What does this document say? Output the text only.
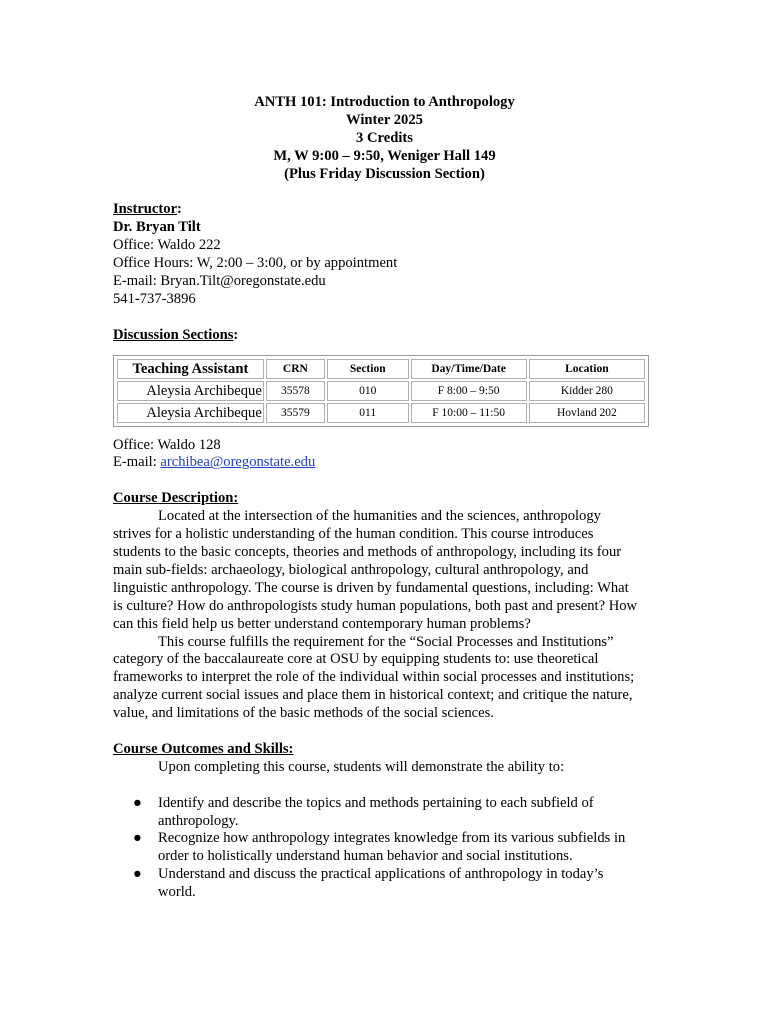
ANTH 101: Introduction to Anthropology
Winter 2025
3 Credits
M, W 9:00 – 9:50, Weniger Hall 149
(Plus Friday Discussion Section)
Instructor:
Dr. Bryan Tilt
Office: Waldo 222
Office Hours: W, 2:00 – 3:00, or by appointment
E-mail: Bryan.Tilt@oregonstate.edu
541-737-3896
Discussion Sections:
Teaching Assistant	CRN	Section	Day/Time/Date	Location
Aleysia Archibeque	35578	010	F 8:00 – 9:50	Kidder 280
Aleysia Archibeque	35579	011	F 10:00 – 11:50	Hovland 202
Office: Waldo 128
E-mail: archibea@oregonstate.edu
Course Description:

Located at the intersection of the humanities and the sciences, anthropology
strives for a holistic understanding of the human condition. This course introduces
students to the basic concepts, theories and methods of anthropology, including its four
main sub-fields: archaeology, biological anthropology, cultural anthropology, and
linguistic anthropology. The course is driven by fundamental questions, including: What
is culture? How do anthropologists study human populations, both past and present? How
can this field help us better understand contemporary human problems?

This course fulfills the requirement for the “Social Processes and Institutions”
category of the baccalaureate core at OSU by equipping students to: use theoretical
frameworks to interpret the role of the individual within social processes and institutions;
analyze current social issues and place them in historical context; and critique the nature,
value, and limitations of the basic methods of the social sciences.

Course Outcomes and Skills:
Upon completing this course, students will demonstrate the ability to:
● Identify and describe the topics and methods pertaining to each subfield of
anthropology.
● Recognize how anthropology integrates knowledge from its various subfields in
order to holistically understand human behavior and social institutions.
● Understand and discuss the practical applications of anthropology in today’s
world.
